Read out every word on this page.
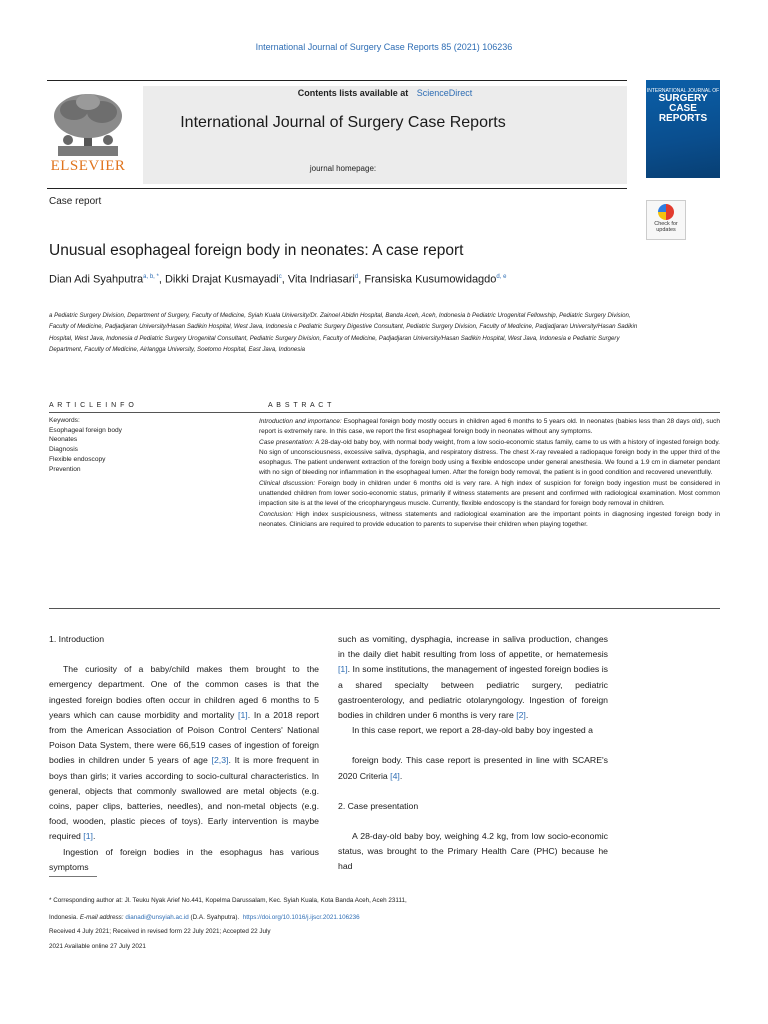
International Journal of Surgery Case Reports 85 (2021) 106236
Contents lists available at ScienceDirect
International Journal of Surgery Case Reports
journal homepage:
ELSEVIER
INTERNATIONAL JOURNAL OF
SURGERY CASE REPORTS
Case report
Check for updates
Unusual esophageal foreign body in neonates: A case report
Dian Adi Syahputra$^{a, b, *}$, Dikki Drajat Kusmayadi$^c$, Vita Indriasari$^d$, Fransiska Kusumowidagdo$^{d, e}$
a Pediatric Surgery Division, Department of Surgery, Faculty of Medicine, Syiah Kuala University/Dr. Zainoel Abidin Hospital, Banda Aceh, Aceh, Indonesia b Pediatric Urogenital Fellowship, Pediatric Surgery Division, Faculty of Medicine, Padjadjaran University/Hasan Sadikin Hospital, West Java, Indonesia c Pediatric Surgery Digestive Consultant, Pediatric Surgery Division, Faculty of Medicine, Padjadjaran University/Hasan Sadikin Hospital, West Java, Indonesia d Pediatric Surgery Urogenital Consultant, Pediatric Surgery Division, Faculty of Medicine, Padjadjaran University/Hasan Sadikin Hospital, West Java, Indonesia e Pediatric Surgery Department, Faculty of Medicine, Airlangga University, Soetomo Hospital, East Java, Indonesia
A R T I C L E I N F O	A B S T R A C T
Keywords:
Esophageal foreign body
Neonates
Diagnosis
Flexible endoscopy
Prevention

Introduction and importance: Esophageal foreign body mostly occurs in children aged 6 months to 5 years old. In neonates (babies less than 28 days old), such report is extremely rare. In this case, we report the first esophageal foreign body in neonates without any symptoms.

Case presentation: A 28-day-old baby boy, with normal body weight, from a low socio-economic status family, came to us with a history of ingested foreign body. No sign of unconsciousness, excessive saliva, dysphagia, and respiratory distress. The chest X-ray revealed a radiopaque foreign body in the upper third of the esophagus. The patient underwent extraction of the foreign body using a flexible endoscope under general anesthesia. We found a 1.9 cm in diameter pendant with no sign of bleeding nor inflammation in the esophageal lumen. After the foreign body removal, the patient is in good condition and recovered uneventfully.

Clinical discussion: Foreign body in children under 6 months old is very rare. A high index of suspicion for foreign body ingestion must be considered in unattended children from lower socio-economic status, primarily if witness statements are present and confirmed with radiological examination. Most common impaction site is at the level of the cricopharyngeus muscle. Currently, flexible endoscopy is the standard for foreign body removal in children.

Conclusion: High index suspiciousness, witness statements and radiological examination are the important points in diagnosing ingested foreign body in neonates. Clinicians are required to provide education to parents to supervise their children when playing together.

1. Introduction

The curiosity of a baby/child makes them brought to the emergency department. One of the common cases is that the ingested foreign bodies often occur in children aged 6 months to 5 years which can cause morbidity and mortality [1]. In a 2018 report from the American Association of Poison Control Centers' National Poison Data System, there were 66,519 cases of ingestion of foreign bodies in children under 5 years of age [2,3]. It is more frequent in boys than girls; it varies according to socio-cultural characteristics. In general, objects that commonly swallowed are metal objects (e.g. coins, paper clips, batteries, needles), and non-metal objects (e.g. food, wooden, plastic pieces of toys). Early intervention is maybe required [1].

Ingestion of foreign bodies in the esophagus has various symptoms

such as vomiting, dysphagia, increase in saliva production, changes in the daily diet habit resulting from loss of appetite, or hematemesis [1]. In some institutions, the management of ingested foreign bodies is a shared specialty between pediatric surgery, pediatric gastroenterology, and pediatric otolaryngology. Ingestion of foreign bodies in children under 6 months is very rare [2].

In this case report, we report a 28-day-old baby boy ingested a

foreign body. This case report is presented in line with SCARE's 2020 Criteria [4].

2. Case presentation

A 28-day-old baby boy, weighing 4.2 kg, from low socio-economic status, was brought to the Primary Health Care (PHC) because he had

* Corresponding author at: Jl. Teuku Nyak Arief No.441, Kopelma Darussalam, Kec. Syiah Kuala, Kota Banda Aceh, Aceh 23111,
Indonesia. E-mail address: dianadi@unsyiah.ac.id (D.A. Syahputra). https://doi.org/10.1016/j.ijscr.2021.106236
Received 4 July 2021; Received in revised form 22 July 2021; Accepted 22 July
2021 Available online 27 July 2021
